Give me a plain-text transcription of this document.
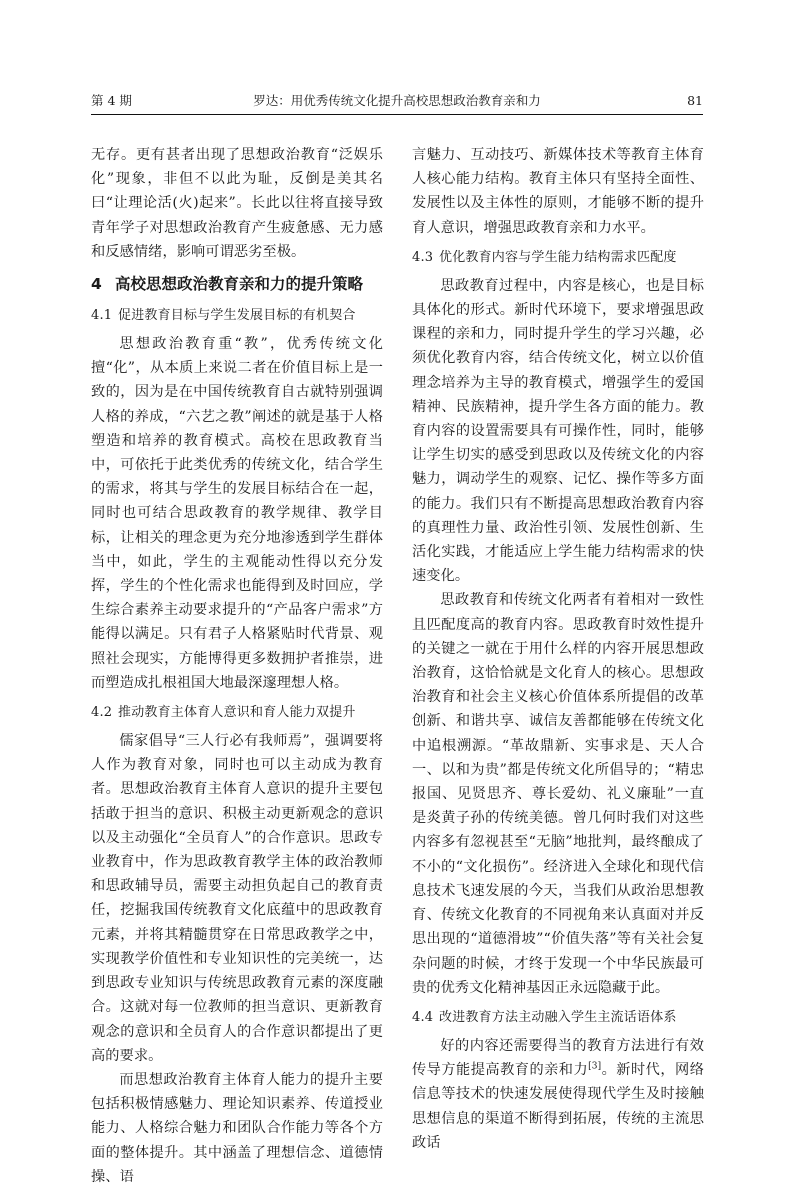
第 4 期	罗达：用优秀传统文化提升高校思想政治教育亲和力	81

无存。更有甚者出现了思想政治教育“泛娱乐化”现象，非但不以此为耻，反倒是美其名曰“让理论活(火)起来”。长此以往将直接导致青年学子对思想政治教育产生疲惫感、无力感和反感情绪，影响可谓恶劣至极。

4 高校思想政治教育亲和力的提升策略
4.1 促进教育目标与学生发展目标的有机契合

思想政治教育重“教”，优秀传统文化擅“化”，从本质上来说二者在价值目标上是一致的，因为是在中国传统教育自古就特别强调人格的养成，“六艺之教”阐述的就是基于人格塑造和培养的教育模式。高校在思政教育当中，可依托于此类优秀的传统文化，结合学生的需求，将其与学生的发展目标结合在一起，同时也可结合思政教育的教学规律、教学目标，让相关的理念更为充分地渗透到学生群体当中，如此，学生的主观能动性得以充分发挥，学生的个性化需求也能得到及时回应，学生综合素养主动要求提升的“产品客户需求”方能得以满足。只有君子人格紧贴时代背景、观照社会现实，方能博得更多数拥护者推崇，进而塑造成扎根祖国大地最深邃理想人格。

4.2 推动教育主体育人意识和育人能力双提升

儒家倡导“三人行必有我师焉”，强调要将人作为教育对象，同时也可以主动成为教育者。思想政治教育主体育人意识的提升主要包括敢于担当的意识、积极主动更新观念的意识以及主动强化“全员育人”的合作意识。思政专业教育中，作为思政教育教学主体的政治教师和思政辅导员，需要主动担负起自己的教育责任，挖掘我国传统教育文化底蕴中的思政教育元素，并将其精髓贯穿在日常思政教学之中，实现教学价值性和专业知识性的完美统一，达到思政专业知识与传统思政教育元素的深度融合。这就对每一位教师的担当意识、更新教育观念的意识和全员育人的合作意识都提出了更高的要求。

而思想政治教育主体育人能力的提升主要包括积极情感魅力、理论知识素养、传道授业能力、人格综合魅力和团队合作能力等各个方面的整体提升。其中涵盖了理想信念、道德情操、语

言魅力、互动技巧、新媒体技术等教育主体育人核心能力结构。教育主体只有坚持全面性、发展性以及主体性的原则，才能够不断的提升育人意识，增强思政教育亲和力水平。

4.3 优化教育内容与学生能力结构需求匹配度

思政教育过程中，内容是核心，也是目标具体化的形式。新时代环境下，要求增强思政课程的亲和力，同时提升学生的学习兴趣，必须优化教育内容，结合传统文化，树立以价值理念培养为主导的教育模式，增强学生的爱国精神、民族精神，提升学生各方面的能力。教育内容的设置需要具有可操作性，同时，能够让学生切实的感受到思政以及传统文化的内容魅力，调动学生的观察、记忆、操作等多方面的能力。我们只有不断提高思想政治教育内容的真理性力量、政治性引领、发展性创新、生活化实践，才能适应上学生能力结构需求的快速变化。

思政教育和传统文化两者有着相对一致性且匹配度高的教育内容。思政教育时效性提升的关键之一就在于用什么样的内容开展思想政治教育，这恰恰就是文化育人的核心。思想政治教育和社会主义核心价值体系所提倡的改革创新、和谐共享、诚信友善都能够在传统文化中追根溯源。“革故鼎新、实事求是、天人合一、以和为贵”都是传统文化所倡导的；“精忠报国、见贤思齐、尊长爱幼、礼义廉耻”一直是炎黄子孙的传统美德。曾几何时我们对这些内容多有忽视甚至“无脑”地批判，最终酿成了不小的“文化损伤”。经济进入全球化和现代信息技术飞速发展的今天，当我们从政治思想教育、传统文化教育的不同视角来认真面对并反思出现的“道德滑坡”“价值失落”等有关社会复杂问题的时候，才终于发现一个中华民族最可贵的优秀文化精神基因正永远隐藏于此。

4.4 改进教育方法主动融入学生主流话语体系

好的内容还需要得当的教育方法进行有效传导方能提高教育的亲和力[3]。新时代，网络信息等技术的快速发展使得现代学生及时接触思想信息的渠道不断得到拓展，传统的主流思政话
